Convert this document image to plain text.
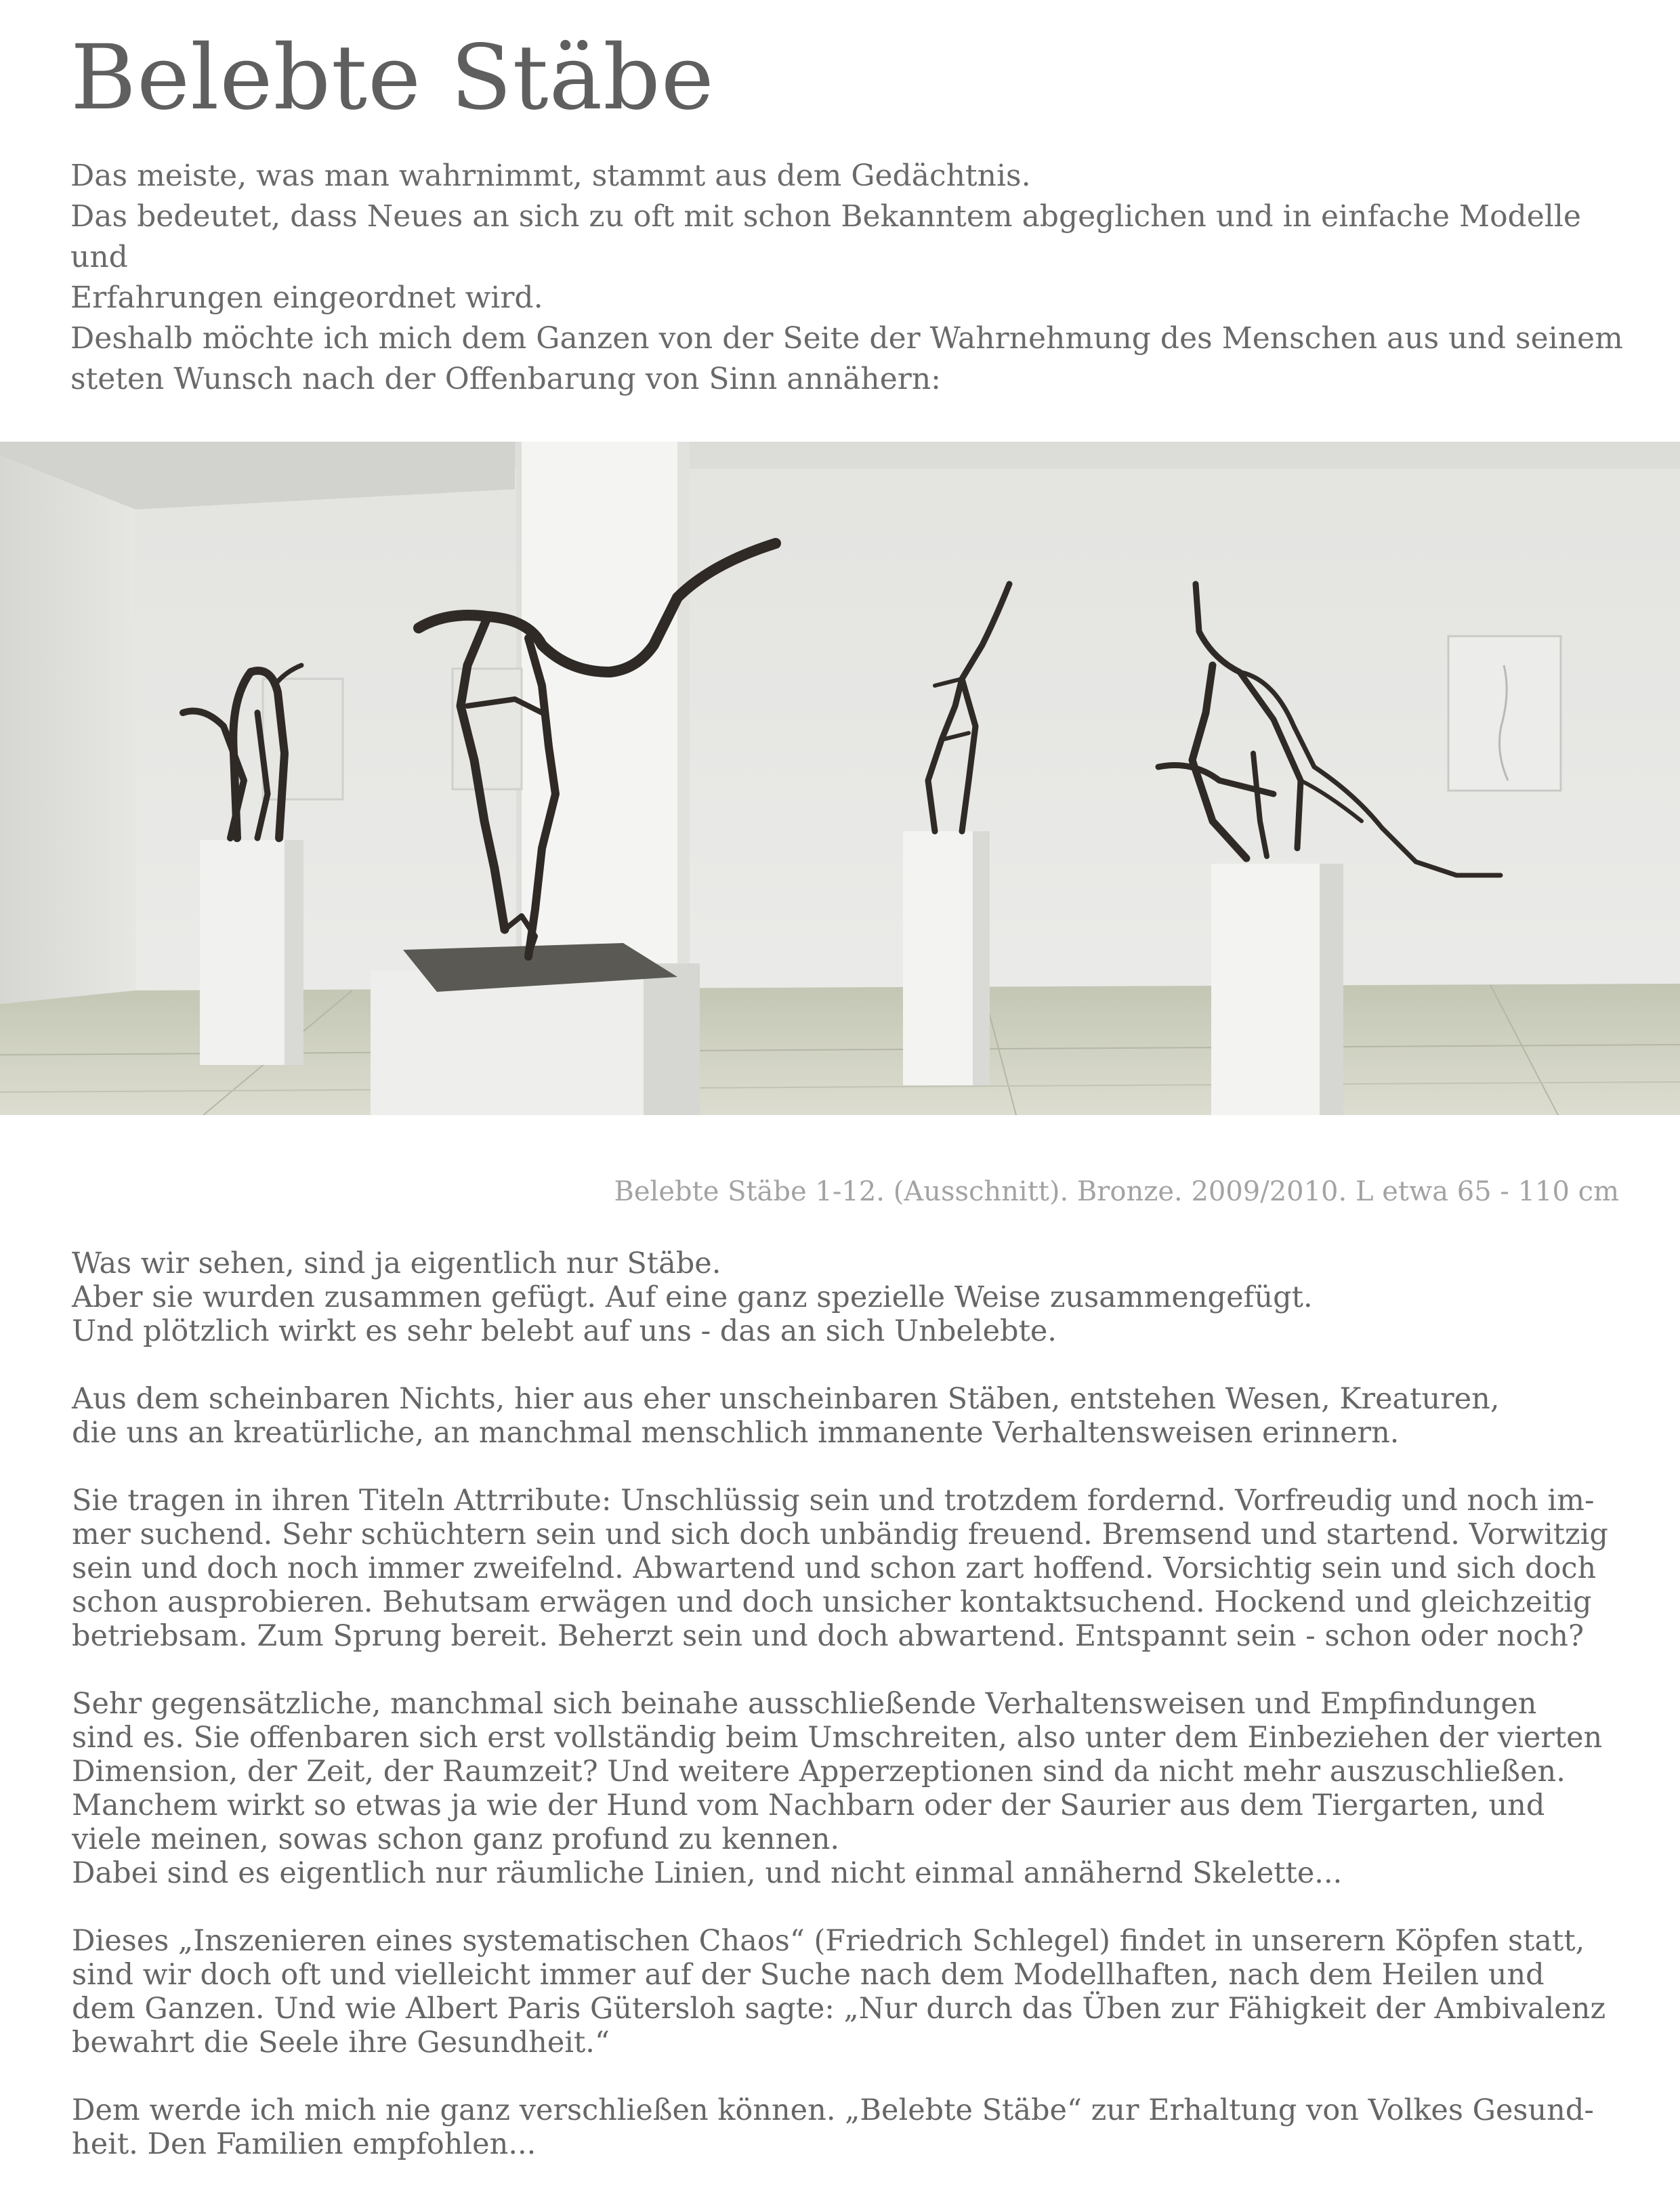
Belebte Stäbe

Das meiste, was man wahrnimmt, stammt aus dem Gedächtnis.

Das bedeutet, dass Neues an sich zu oft mit schon Bekanntem abgeglichen und in einfache Modelle und

Erfahrungen eingeordnet wird.

Deshalb möchte ich mich dem Ganzen von der Seite der Wahrnehmung des Menschen aus und seinem

steten Wunsch nach der Offenbarung von Sinn annähern:

Belebte Stäbe 1-12. (Ausschnitt). Bronze. 2009/2010. L etwa 65 - 110 cm

Was wir sehen, sind ja eigentlich nur Stäbe.
Aber sie wurden zusammen gefügt. Auf eine ganz spezielle Weise zusammengefügt.
Und plötzlich wirkt es sehr belebt auf uns - das an sich Unbelebte.
Aus dem scheinbaren Nichts, hier aus eher unscheinbaren Stäben, entstehen Wesen, Kreaturen,
die uns an kreatürliche, an manchmal menschlich immanente Verhaltensweisen erinnern.
Sie tragen in ihren Titeln Attrribute: Unschlüssig sein und trotzdem fordernd. Vorfreudig und noch im-
mer suchend. Sehr schüchtern sein und sich doch unbändig freuend. Bremsend und startend. Vorwitzig
sein und doch noch immer zweifelnd. Abwartend und schon zart hoffend. Vorsichtig sein und sich doch
schon ausprobieren. Behutsam erwägen und doch unsicher kontaktsuchend. Hockend und gleichzeitig
betriebsam. Zum Sprung bereit. Beherzt sein und doch abwartend. Entspannt sein - schon oder noch?
Sehr gegensätzliche, manchmal sich beinahe ausschließende Verhaltensweisen und Empfindungen
sind es. Sie offenbaren sich erst vollständig beim Umschreiten, also unter dem Einbeziehen der vierten
Dimension, der Zeit, der Raumzeit? Und weitere Apperzeptionen sind da nicht mehr auszuschließen.
Manchem wirkt so etwas ja wie der Hund vom Nachbarn oder der Saurier aus dem Tiergarten, und
viele meinen, sowas schon ganz profund zu kennen.
Dabei sind es eigentlich nur räumliche Linien, und nicht einmal annähernd Skelette...
Dieses „Inszenieren eines systematischen Chaos“ (Friedrich Schlegel) findet in unserern Köpfen statt,
sind wir doch oft und vielleicht immer auf der Suche nach dem Modellhaften, nach dem Heilen und
dem Ganzen. Und wie Albert Paris Gütersloh sagte: „Nur durch das Üben zur Fähigkeit der Ambivalenz
bewahrt die Seele ihre Gesundheit.“
Dem werde ich mich nie ganz verschließen können. „Belebte Stäbe“ zur Erhaltung von Volkes Gesund-
heit. Den Familien empfohlen...
